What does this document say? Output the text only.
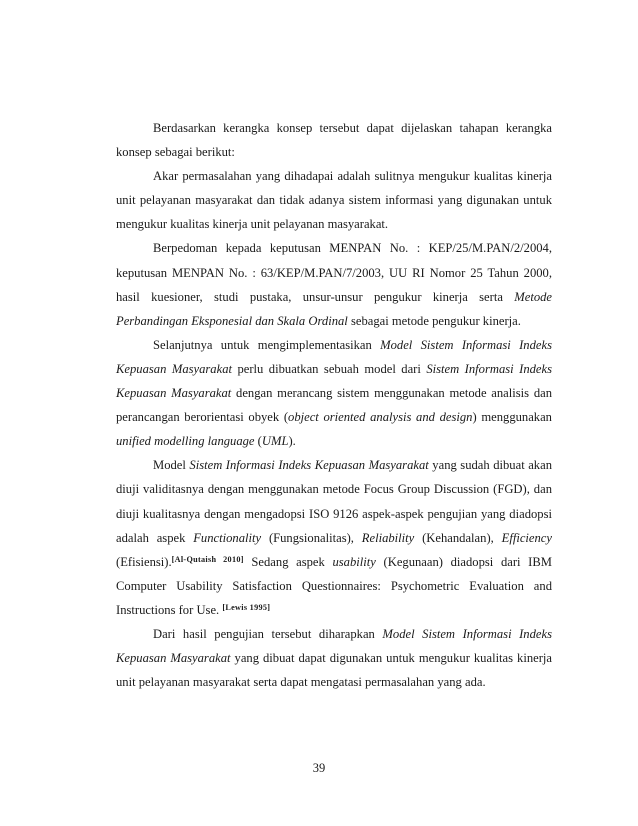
Berdasarkan kerangka konsep tersebut dapat dijelaskan tahapan kerangka konsep sebagai berikut:

Akar permasalahan yang dihadapai adalah sulitnya mengukur kualitas kinerja unit pelayanan masyarakat dan tidak adanya sistem informasi yang digunakan untuk mengukur kualitas kinerja unit pelayanan masyarakat.

Berpedoman kepada keputusan MENPAN No. : KEP/25/M.PAN/2/2004, keputusan MENPAN No. : 63/KEP/M.PAN/7/2003, UU RI Nomor 25 Tahun 2000, hasil kuesioner, studi pustaka, unsur-unsur pengukur kinerja serta Metode Perbandingan Eksponesial dan Skala Ordinal sebagai metode pengukur kinerja.

Selanjutnya untuk mengimplementasikan Model Sistem Informasi Indeks Kepuasan Masyarakat perlu dibuatkan sebuah model dari Sistem Informasi Indeks Kepuasan Masyarakat dengan merancang sistem menggunakan metode analisis dan perancangan berorientasi obyek (object oriented analysis and design) menggunakan unified modelling language (UML).

Model Sistem Informasi Indeks Kepuasan Masyarakat yang sudah dibuat akan diuji validitasnya dengan menggunakan metode Focus Group Discussion (FGD), dan diuji kualitasnya dengan mengadopsi ISO 9126 aspek-aspek pengujian yang diadopsi adalah aspek Functionality (Fungsionalitas), Reliability (Kehandalan), Efficiency (Efisiensi).[Al-Qutaish 2010] Sedang aspek usability (Kegunaan) diadopsi dari IBM Computer Usability Satisfaction Questionnaires: Psychometric Evaluation and Instructions for Use. [Lewis 1995]

Dari hasil pengujian tersebut diharapkan Model Sistem Informasi Indeks Kepuasan Masyarakat yang dibuat dapat digunakan untuk mengukur kualitas kinerja unit pelayanan masyarakat serta dapat mengatasi permasalahan yang ada.

39
